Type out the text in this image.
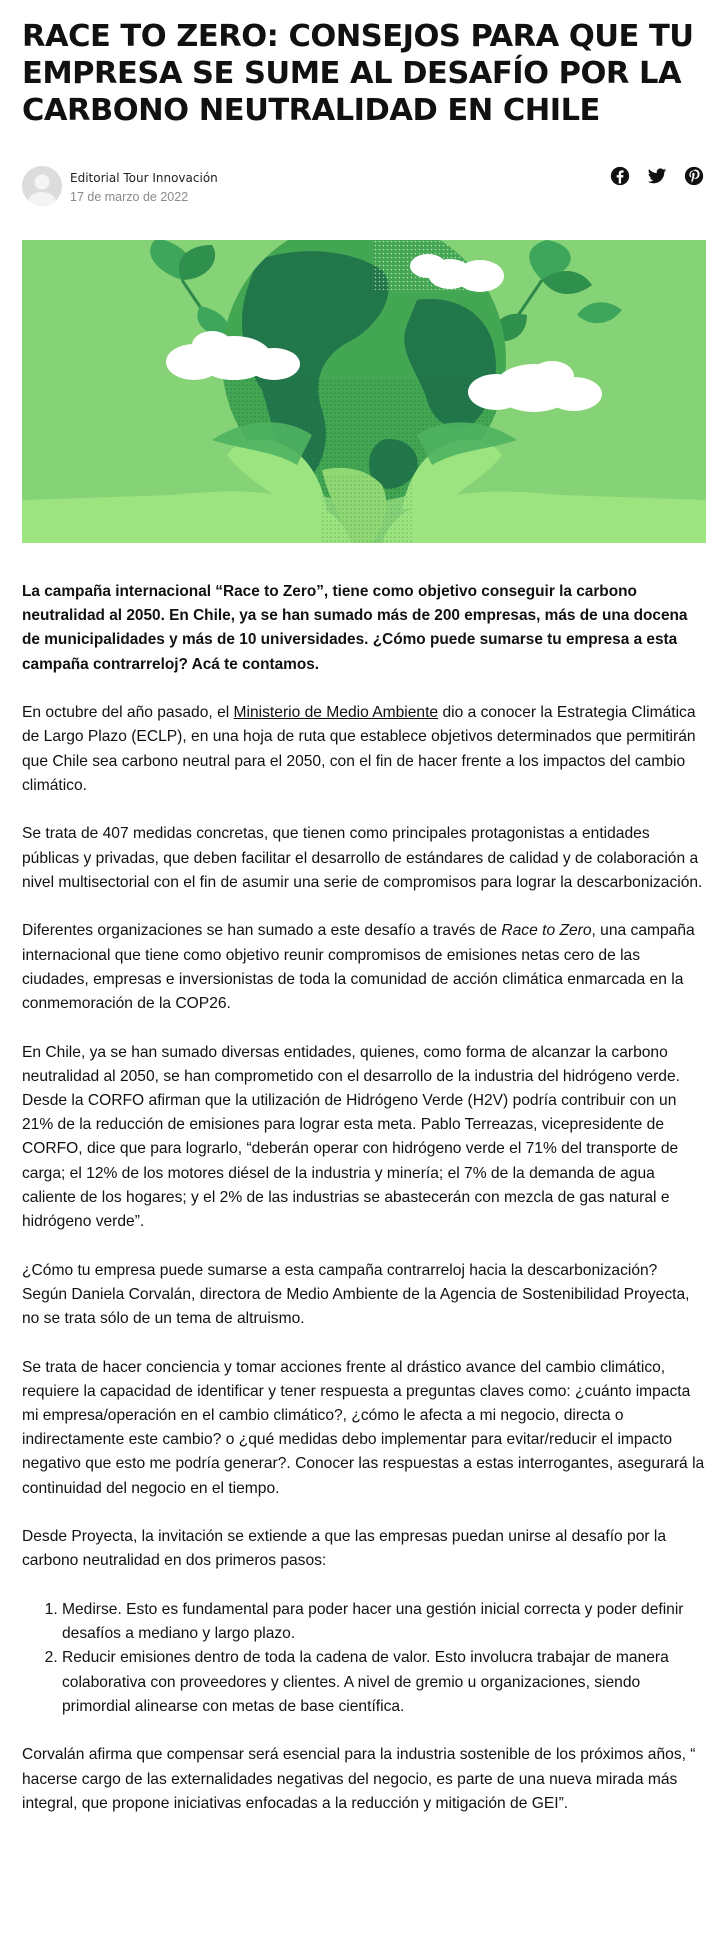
RACE TO ZERO: CONSEJOS PARA QUE TU EMPRESA SE SUME AL DESAFÍO POR LA CARBONO NEUTRALIDAD EN CHILE
Editorial Tour Innovación
17 de marzo de 2022

La campaña internacional “Race to Zero”, tiene como objetivo conseguir la carbono neutralidad al 2050. En Chile, ya se han sumado más de 200 empresas, más de una docena de municipalidades y más de 10 universidades. ¿Cómo puede sumarse tu empresa a esta campaña contrarreloj? Acá te contamos.

En octubre del año pasado, el Ministerio de Medio Ambiente dio a conocer la Estrategia Climática de Largo Plazo (ECLP), en una hoja de ruta que establece objetivos determinados que permitirán que Chile sea carbono neutral para el 2050, con el fin de hacer frente a los impactos del cambio climático.

Se trata de 407 medidas concretas, que tienen como principales protagonistas a entidades públicas y privadas, que deben facilitar el desarrollo de estándares de calidad y de colaboración a nivel multisectorial con el fin de asumir una serie de compromisos para lograr la descarbonización.

Diferentes organizaciones se han sumado a este desafío a través de Race to Zero, una campaña internacional que tiene como objetivo reunir compromisos de emisiones netas cero de las ciudades, empresas e inversionistas de toda la comunidad de acción climática enmarcada en la conmemoración de la COP26.

En Chile, ya se han sumado diversas entidades, quienes, como forma de alcanzar la carbono neutralidad al 2050, se han comprometido con el desarrollo de la industria del hidrógeno verde. Desde la CORFO afirman que la utilización de Hidrógeno Verde (H2V) podría contribuir con un 21% de la reducción de emisiones para lograr esta meta. Pablo Terreazas, vicepresidente de CORFO, dice que para lograrlo, “deberán operar con hidrógeno verde el 71% del transporte de carga; el 12% de los motores diésel de la industria y minería; el 7% de la demanda de agua caliente de los hogares; y el 2% de las industrias se abastecerán con mezcla de gas natural e hidrógeno verde”.

¿Cómo tu empresa puede sumarse a esta campaña contrarreloj hacia la descarbonización? Según Daniela Corvalán, directora de Medio Ambiente de la Agencia de Sostenibilidad Proyecta, no se trata sólo de un tema de altruismo.

Se trata de hacer conciencia y tomar acciones frente al drástico avance del cambio climático, requiere la capacidad de identificar y tener respuesta a preguntas claves como: ¿cuánto impacta mi empresa/operación en el cambio climático?, ¿cómo le afecta a mi negocio, directa o indirectamente este cambio? o ¿qué medidas debo implementar para evitar/reducir el impacto negativo que esto me podría generar?. Conocer las respuestas a estas interrogantes, asegurará la continuidad del negocio en el tiempo.

Desde Proyecta, la invitación se extiende a que las empresas puedan unirse al desafío por la carbono neutralidad en dos primeros pasos:

1. Medirse. Esto es fundamental para poder hacer una gestión inicial correcta y poder definir desafíos a mediano y largo plazo.
2. Reducir emisiones dentro de toda la cadena de valor. Esto involucra trabajar de manera colaborativa con proveedores y clientes. A nivel de gremio u organizaciones, siendo primordial alinearse con metas de base científica.

Corvalán afirma que compensar será esencial para la industria sostenible de los próximos años, “ hacerse cargo de las externalidades negativas del negocio, es parte de una nueva mirada más integral, que propone iniciativas enfocadas a la reducción y mitigación de GEI”.
